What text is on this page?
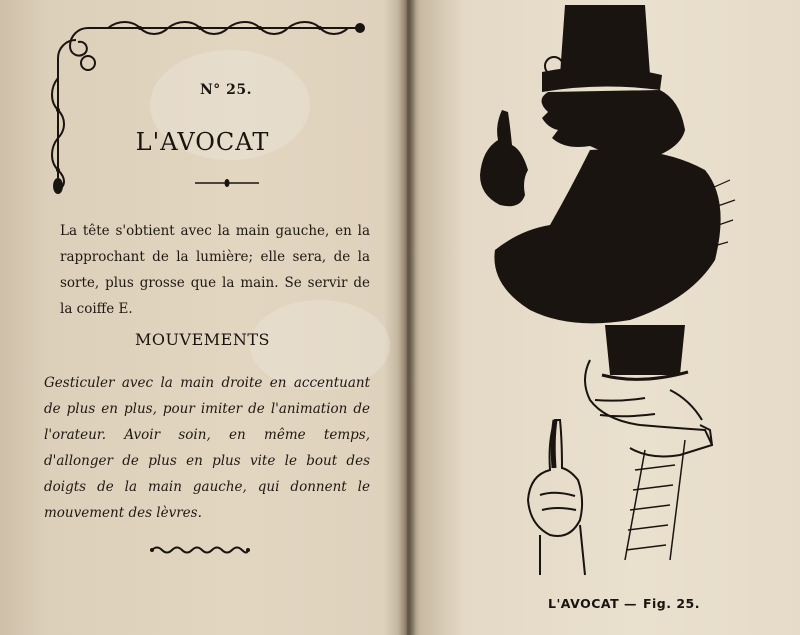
N° 25.
L'AVOCAT

La tête s'obtient avec la main gauche, en la rapprochant de la lumière; elle sera, de la sorte, plus grosse que la main. Se servir de la coiffe E.

MOUVEMENTS

Gesticuler avec la main droite en accentuant de plus en plus, pour imiter de l'animation de l'orateur. Avoir soin, en même temps, d'allonger de plus en plus vite le bout des doigts de la main gauche, qui donnent le mouvement des lèvres.

L'AVOCAT — Fig. 25.
